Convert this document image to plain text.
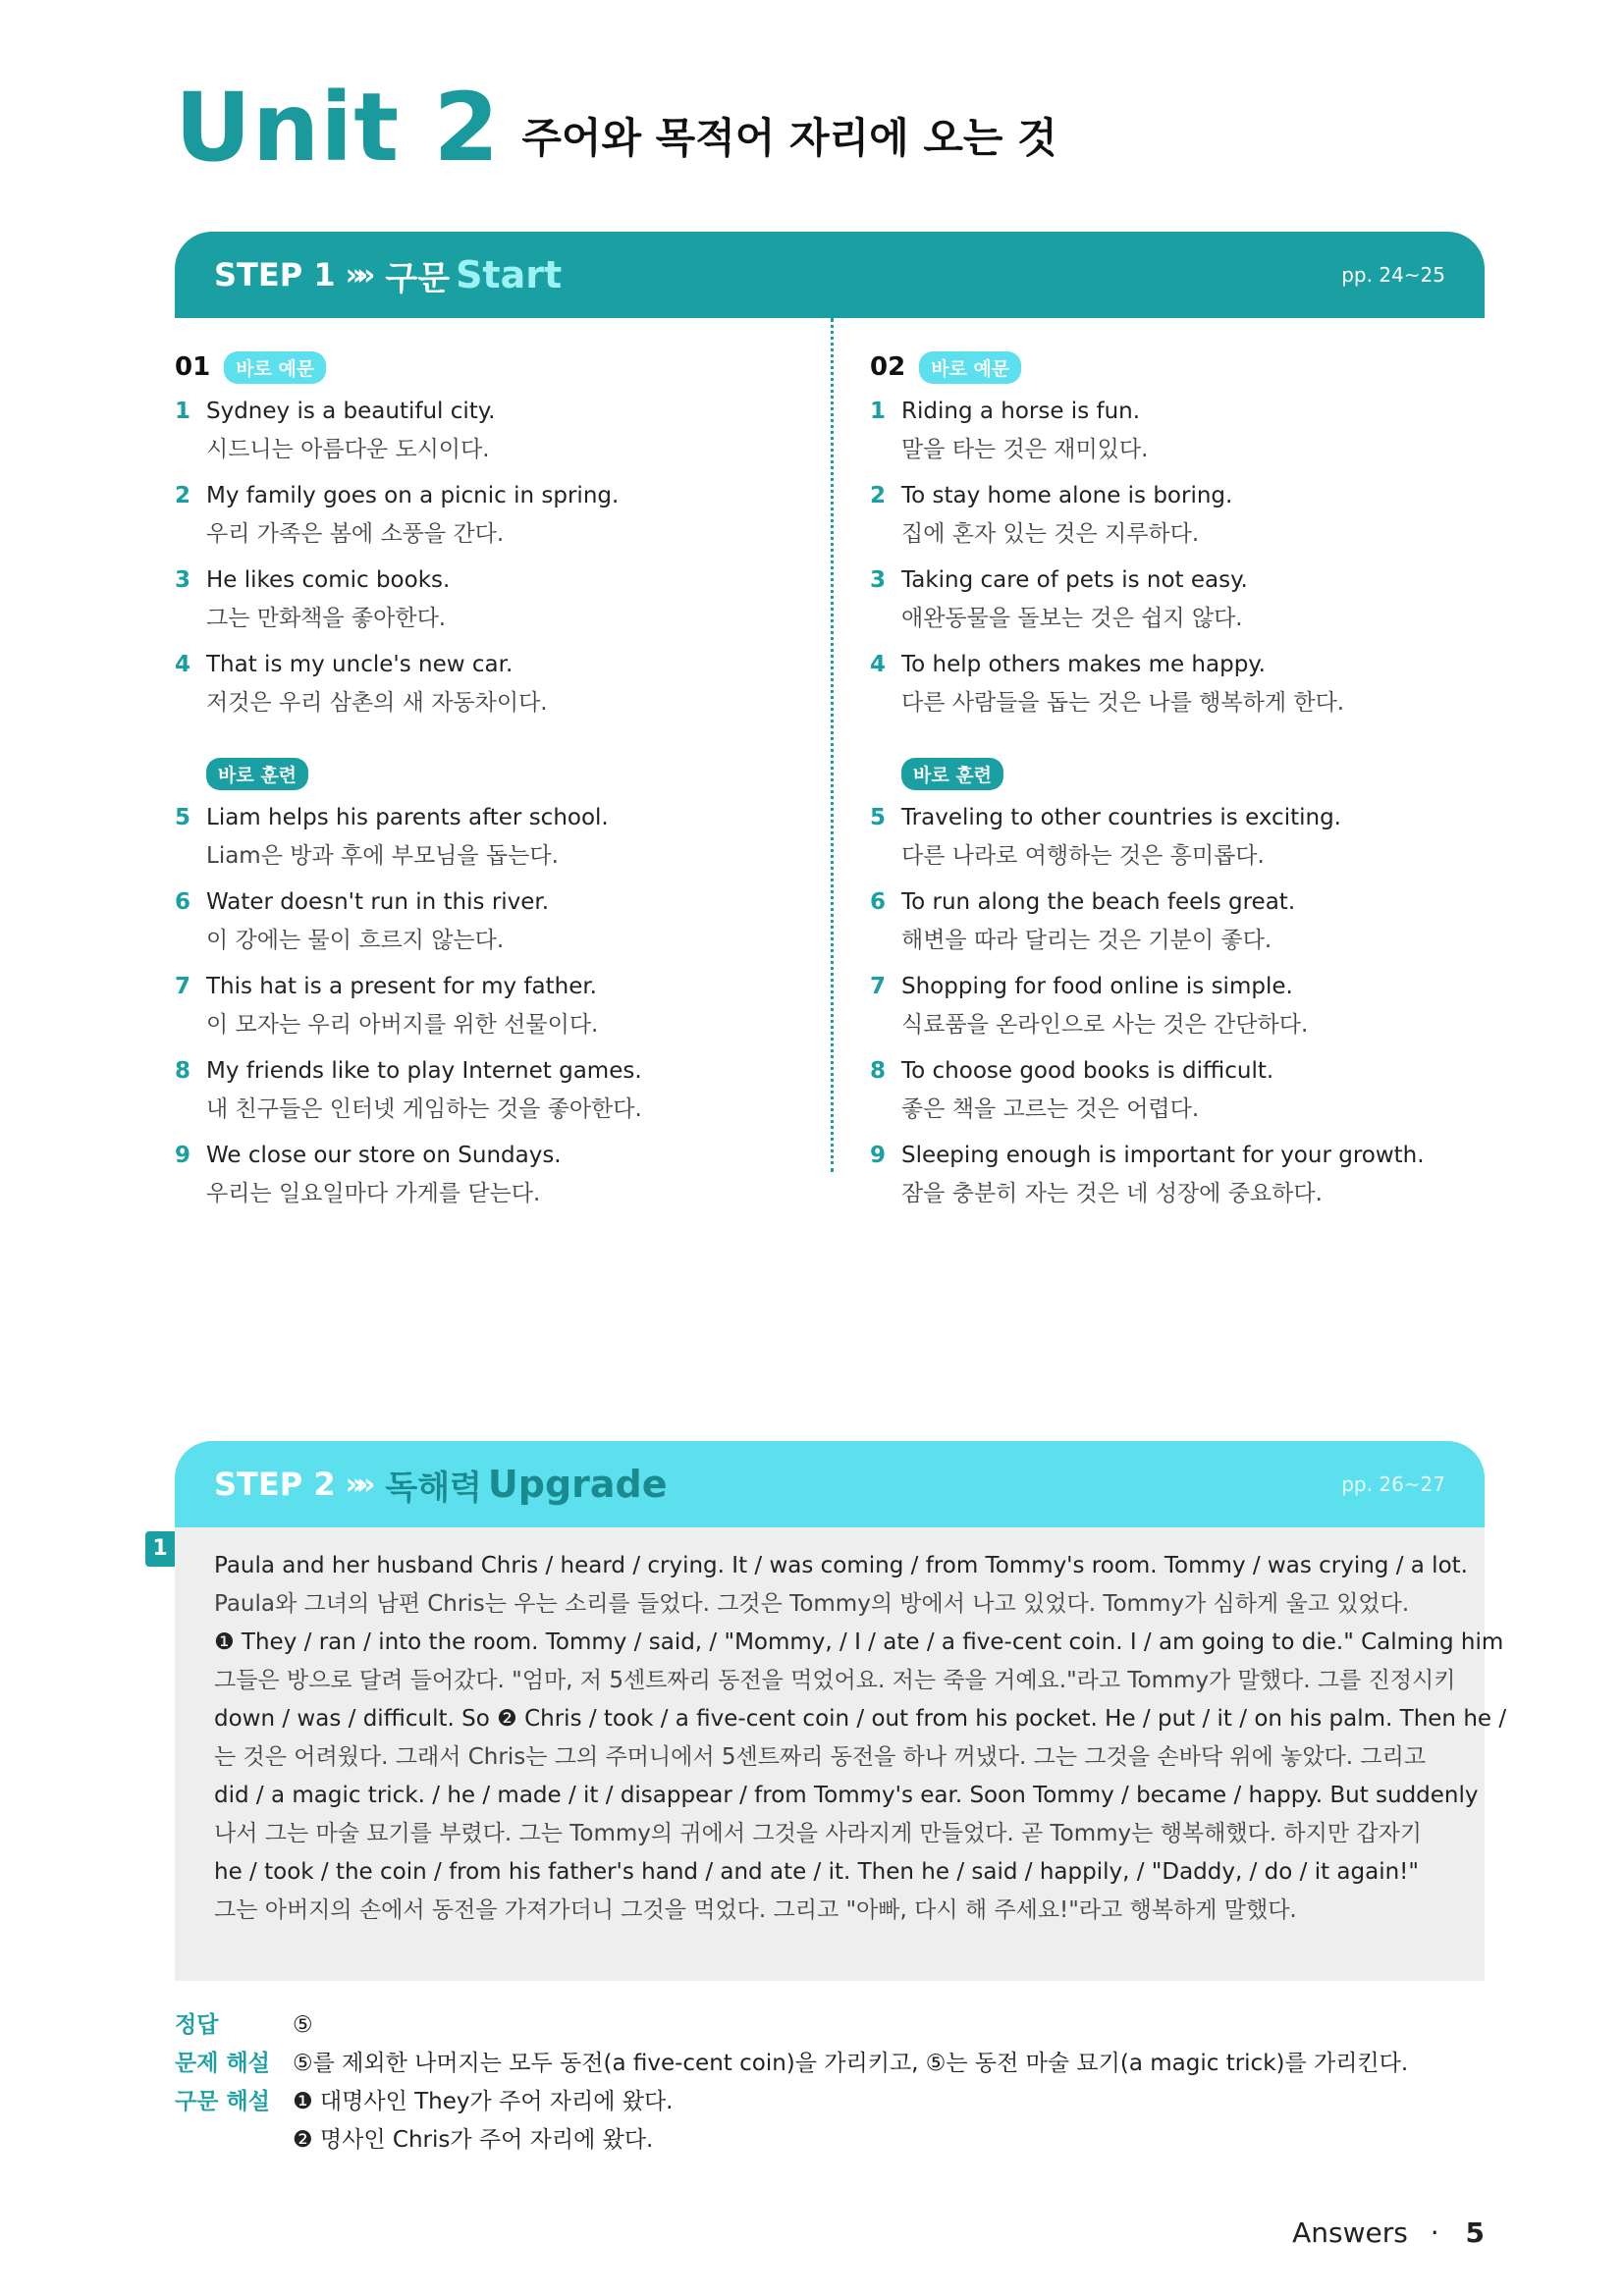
Unit 2 주어와 목적어 자리에 오는 것
STEP 1 »» 구문 Start	pp. 24~25
01	바로 예문
1 Sydney is a beautiful city.
시드니는 아름다운 도시이다.
2 My family goes on a picnic in spring.
우리 가족은 봄에 소풍을 간다.
3 He likes comic books.
그는 만화책을 좋아한다.
4 That is my uncle's new car.
저것은 우리 삼촌의 새 자동차이다.
바로 훈련
5 Liam helps his parents after school.
Liam은 방과 후에 부모님을 돕는다.
6 Water doesn't run in this river.
이 강에는 물이 흐르지 않는다.
7 This hat is a present for my father.
이 모자는 우리 아버지를 위한 선물이다.
8 My friends like to play Internet games.
내 친구들은 인터넷 게임하는 것을 좋아한다.
9 We close our store on Sundays.
우리는 일요일마다 가게를 닫는다.
02	바로 예문
1 Riding a horse is fun.
말을 타는 것은 재미있다.
2 To stay home alone is boring.
집에 혼자 있는 것은 지루하다.
3 Taking care of pets is not easy.
애완동물을 돌보는 것은 쉽지 않다.
4 To help others makes me happy.
다른 사람들을 돕는 것은 나를 행복하게 한다.
바로 훈련
5 Traveling to other countries is exciting.
다른 나라로 여행하는 것은 흥미롭다.
6 To run along the beach feels great.
해변을 따라 달리는 것은 기분이 좋다.
7 Shopping for food online is simple.
식료품을 온라인으로 사는 것은 간단하다.
8 To choose good books is difficult.
좋은 책을 고르는 것은 어렵다.
9 Sleeping enough is important for your growth.
잠을 충분히 자는 것은 네 성장에 중요하다.
STEP 2 »» 독해력 Upgrade	pp. 26~27
1
Paula and her husband Chris / heard / crying. It / was coming / from Tommy's room. Tommy / was crying / a lot.
Paula와 그녀의 남편 Chris는 우는 소리를 들었다. 그것은 Tommy의 방에서 나고 있었다. Tommy가 심하게 울고 있었다.
❶ They / ran / into the room. Tommy / said, / "Mommy, / I / ate / a five-cent coin. I / am going to die." Calming him
그들은 방으로 달려 들어갔다. "엄마, 저 5센트짜리 동전을 먹었어요. 저는 죽을 거예요."라고 Tommy가 말했다. 그를 진정시키
down / was / difficult. So ❷ Chris / took / a five-cent coin / out from his pocket. He / put / it / on his palm. Then he /
는 것은 어려웠다. 그래서 Chris는 그의 주머니에서 5센트짜리 동전을 하나 꺼냈다. 그는 그것을 손바닥 위에 놓았다. 그리고
did / a magic trick. / he / made / it / disappear / from Tommy's ear. Soon Tommy / became / happy. But suddenly
나서 그는 마술 묘기를 부렸다. 그는 Tommy의 귀에서 그것을 사라지게 만들었다. 곧 Tommy는 행복해했다. 하지만 갑자기
he / took / the coin / from his father's hand / and ate / it. Then he / said / happily, / "Daddy, / do / it again!"
그는 아버지의 손에서 동전을 가져가더니 그것을 먹었다. 그리고 "아빠, 다시 해 주세요!"라고 행복하게 말했다.
정답	⑤
문제 해설	⑤를 제외한 나머지는 모두 동전(a five-cent coin)을 가리키고, ⑤는 동전 마술 묘기(a magic trick)를 가리킨다.
구문 해설	❶ 대명사인 They가 주어 자리에 왔다.
❷ 명사인 Chris가 주어 자리에 왔다.
Answers · 5
